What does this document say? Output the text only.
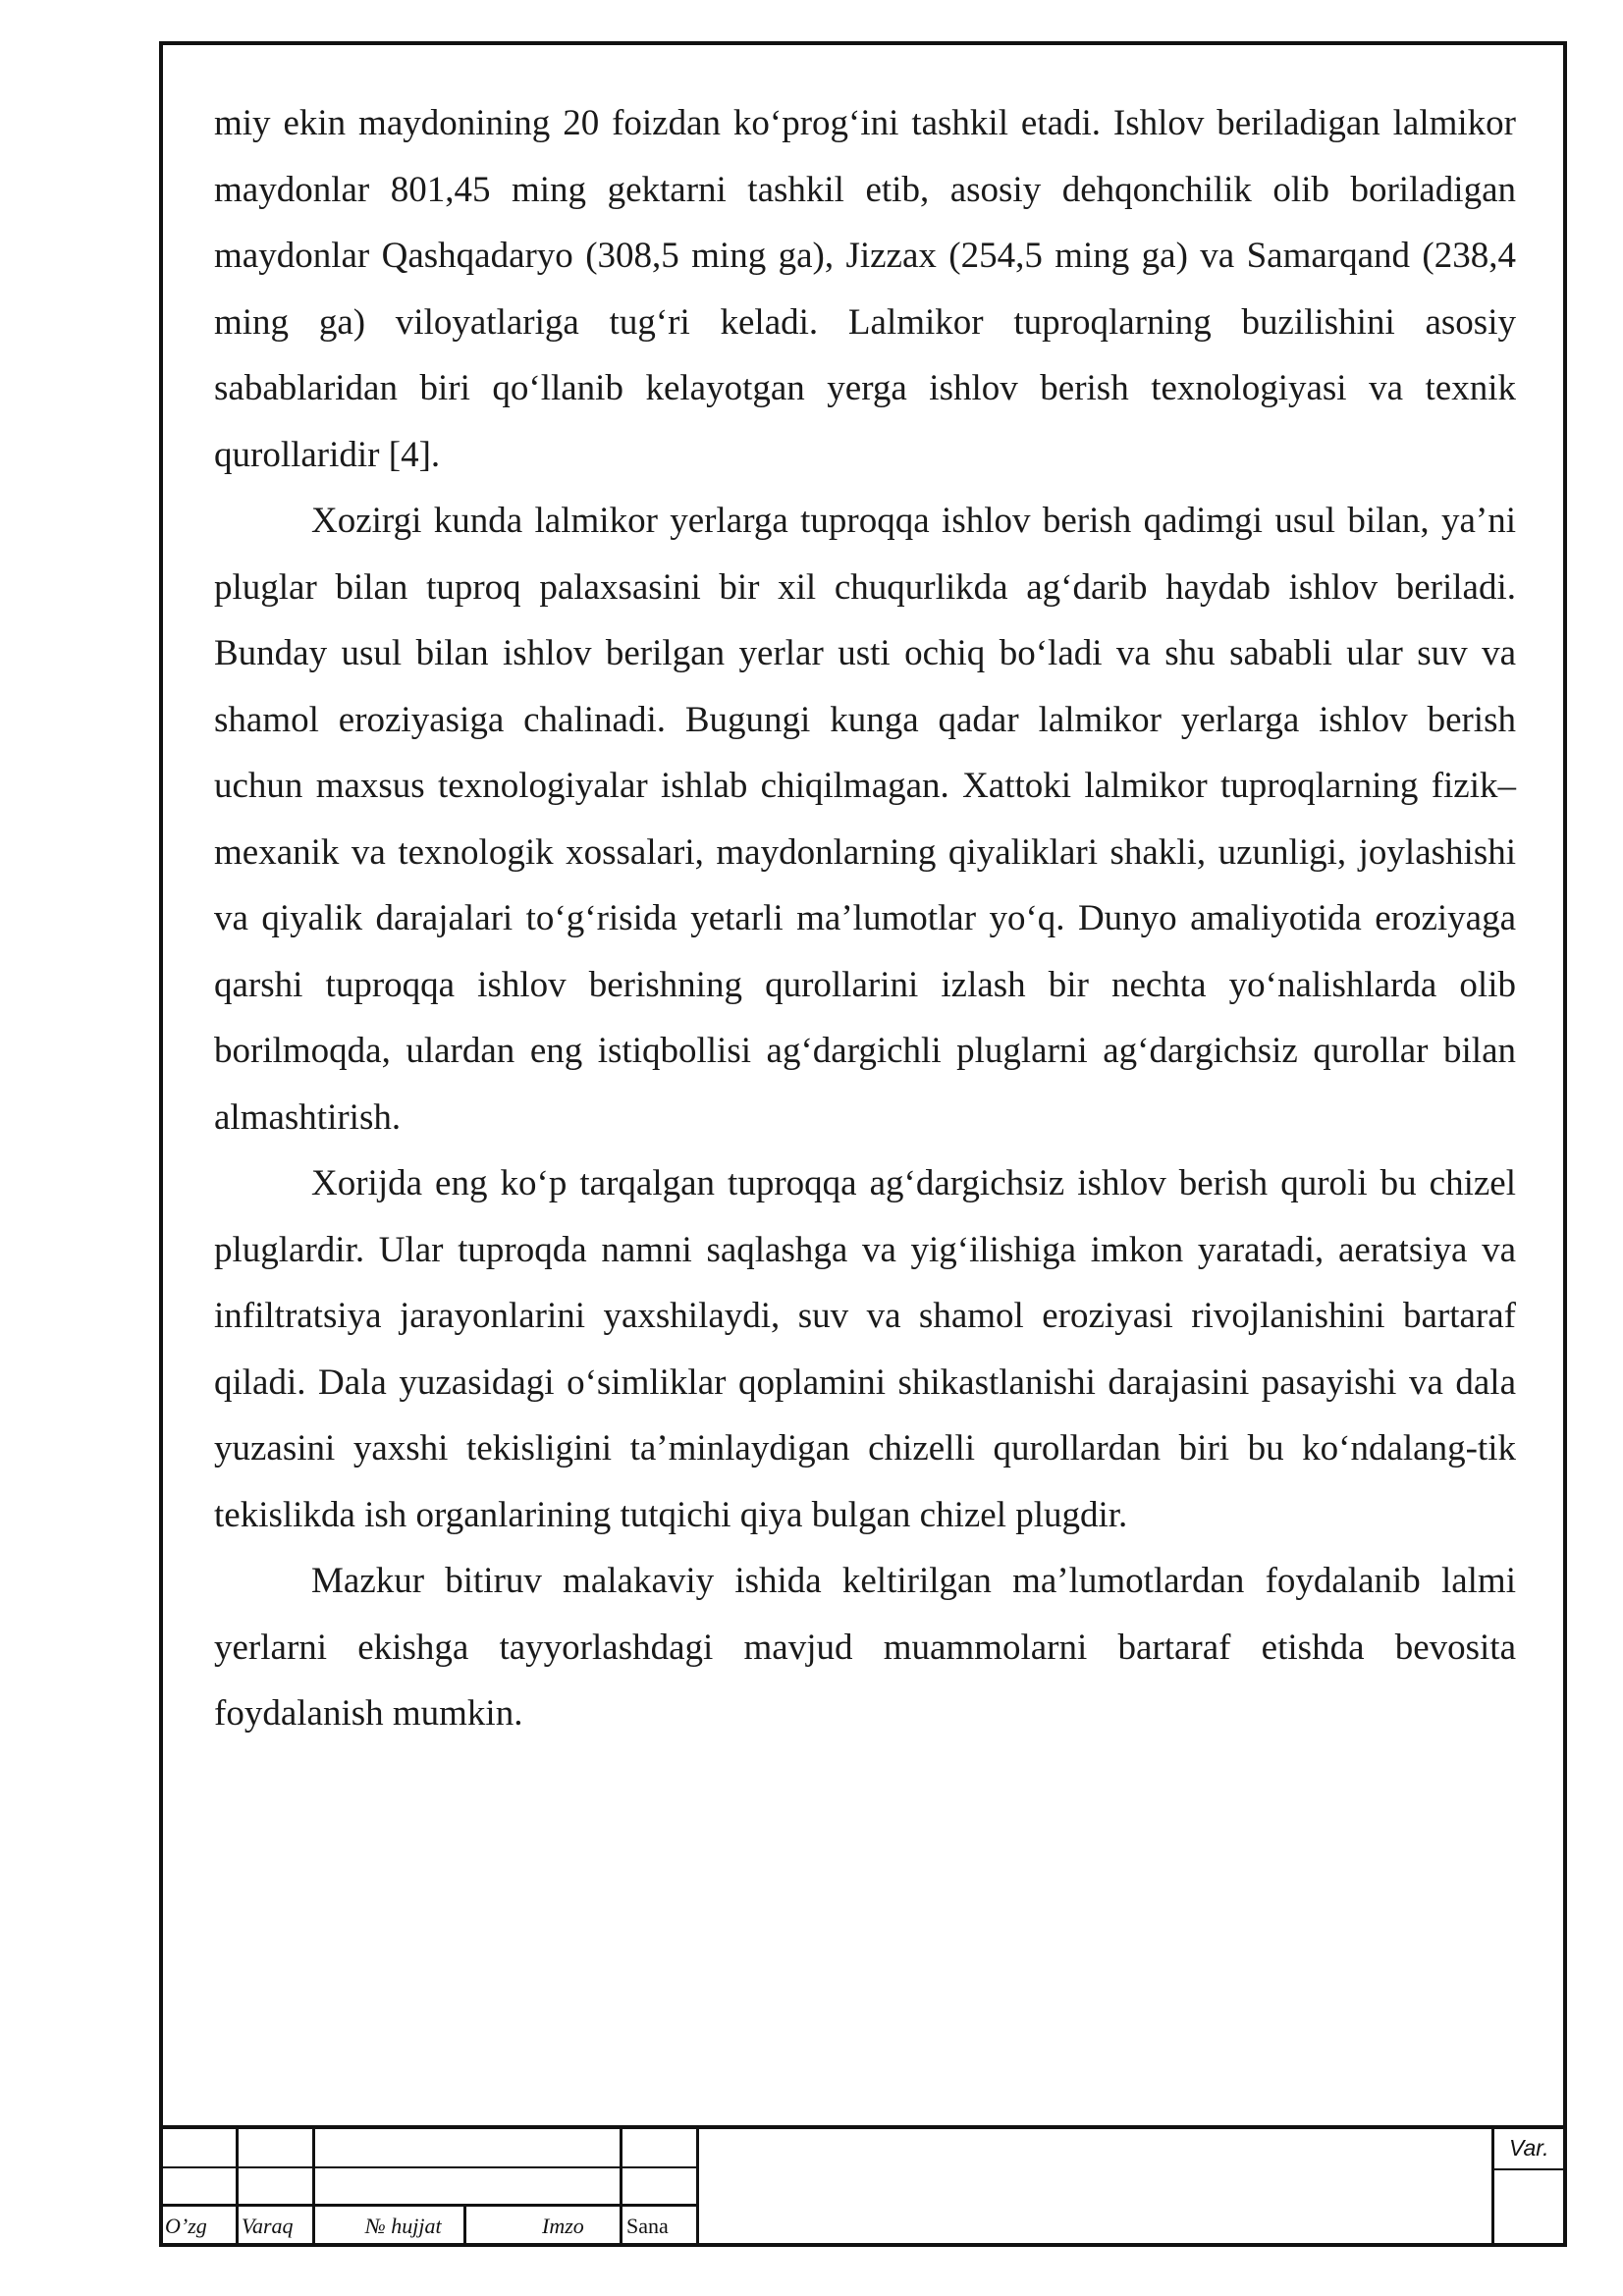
miy ekin maydonining 20 foizdan ko‘prog‘ini tashkil etadi. Ishlov beriladigan lalmikor maydonlar 801,45 ming gektarni tashkil etib, asosiy dehqonchilik olib boriladigan maydonlar Qashqadaryo (308,5 ming ga), Jizzax (254,5 ming ga) va Samarqand (238,4 ming ga) viloyatlariga tug‘ri keladi. Lalmikor tuproqlarning buzilishini asosiy sabablaridan biri qo‘llanib kelayotgan yerga ishlov berish texnologiyasi va texnik qurollaridir [4].

Xozirgi kunda lalmikor yerlarga tuproqqa ishlov berish qadimgi usul bilan, ya’ni pluglar bilan tuproq palaxsasini bir xil chuqurlikda ag‘darib haydab ishlov beriladi. Bunday usul bilan ishlov berilgan yerlar usti ochiq bo‘ladi va shu sababli ular suv va shamol eroziyasiga chalinadi. Bugungi kunga qadar lalmikor yerlarga ishlov berish uchun maxsus texnologiyalar ishlab chiqilmagan. Xattoki lalmikor tuproqlarning fizik–mexanik va texnologik xossalari, maydonlarning qiyaliklari shakli, uzunligi, joylashishi va qiyalik darajalari to‘g‘risida yetarli ma’lumotlar yo‘q. Dunyo amaliyotida eroziyaga qarshi tuproqqa ishlov berishning qurollarini izlash bir nechta yo‘nalishlarda olib borilmoqda, ulardan eng istiqbollisi ag‘dargichli pluglarni ag‘dargichsiz qurollar bilan almashtirish.

Xorijda eng ko‘p tarqalgan tuproqqa ag‘dargichsiz ishlov berish quroli bu chizel pluglardir. Ular tuproqda namni saqlashga va yig‘ilishiga imkon yaratadi, aeratsiya va infiltratsiya jarayonlarini yaxshilaydi, suv va shamol eroziyasi rivojlanishini bartaraf qiladi. Dala yuzasidagi o‘simliklar qoplamini shikastlanishi darajasini pasayishi va dala yuzasini yaxshi tekisligini ta’minlaydigan chizelli qurollardan biri bu ko‘ndalang-tik tekislikda ish organlarining tutqichi qiya bulgan chizel plugdir.

Mazkur bitiruv malakaviy ishida keltirilgan ma’lumotlardan foydalanib lalmi yerlarni ekishga tayyorlashdagi mavjud muammolarni bartaraf etishda bevosita foydalanish mumkin.

O’zg Varaq	№ hujjat	Imzo Sana
Var.
